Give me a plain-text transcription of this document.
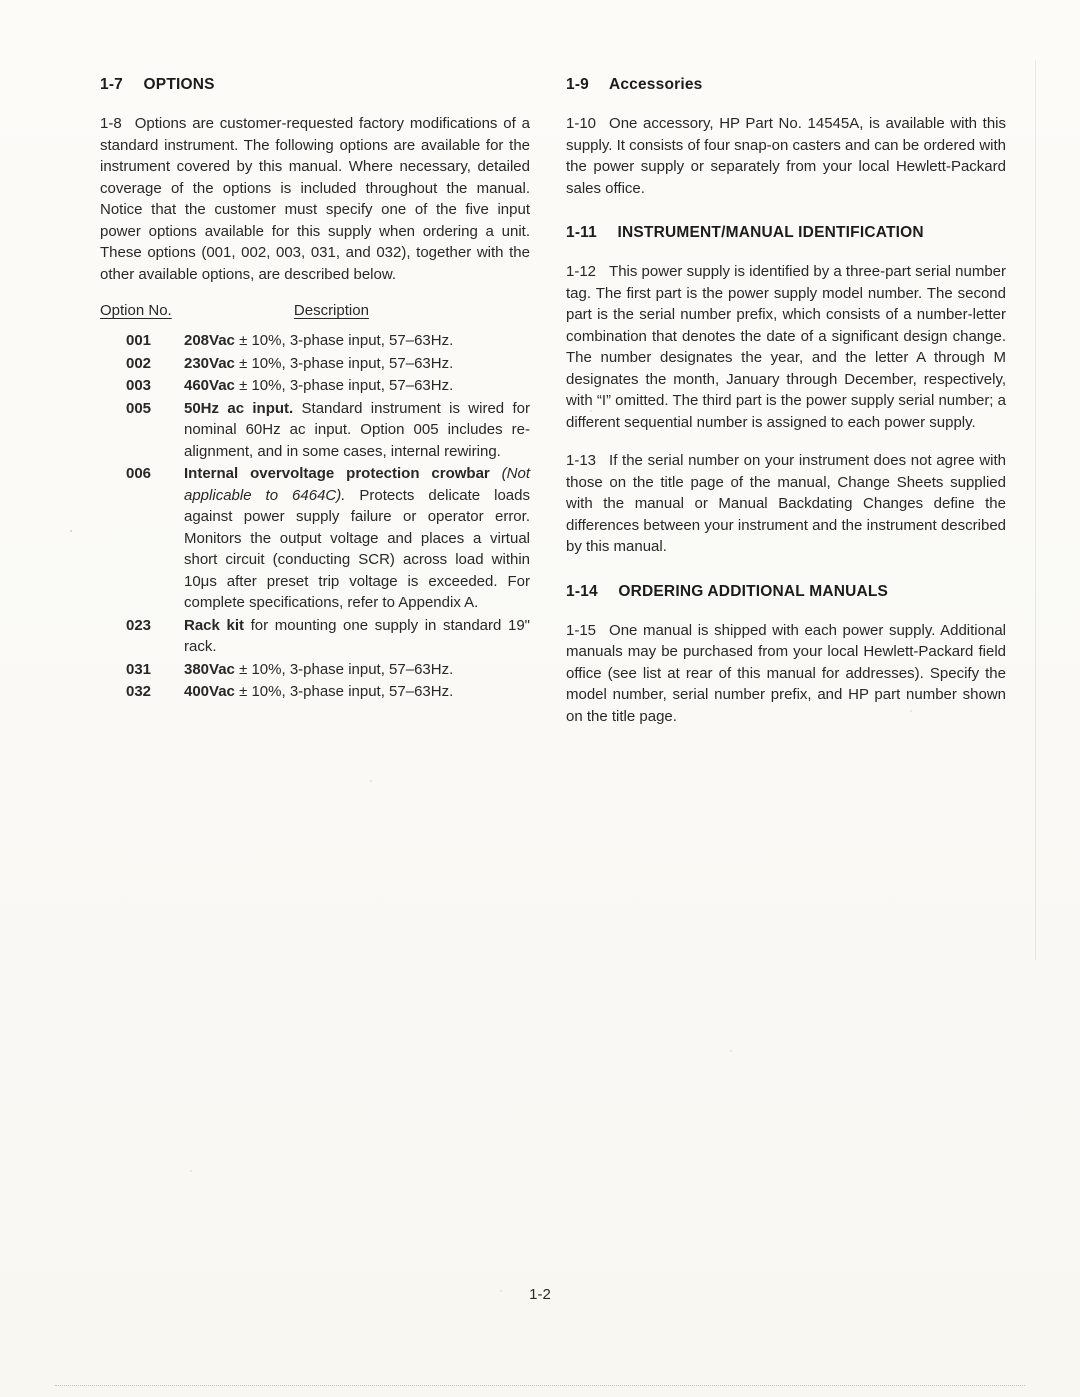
1-7 OPTIONS

1-8 Options are customer-requested factory modifications of a standard instrument. The following options are available for the instrument covered by this manual. Where necessary, detailed coverage of the options is included throughout the manual. Notice that the customer must specify one of the five input power options available for this supply when ordering a unit. These options (001, 002, 003, 031, and 032), together with the other available options, are described below.

Option No.	Description
001	208Vac ± 10%, 3-phase input, 57–63Hz.
002	230Vac ± 10%, 3-phase input, 57–63Hz.
003	460Vac ± 10%, 3-phase input, 57–63Hz.
005	50Hz ac input. Standard instrument is wired for nominal 60Hz ac input. Option 005 includes re-alignment, and in some cases, internal rewiring.
006	Internal overvoltage protection crowbar (Not applicable to 6464C). Protects delicate loads against power supply failure or operator error. Monitors the output voltage and places a virtual short circuit (conducting SCR) across load within 10μs after preset trip voltage is exceeded. For complete specifications, refer to Appendix A.
023	Rack kit for mounting one supply in standard 19" rack.
031	380Vac ± 10%, 3-phase input, 57–63Hz.
032	400Vac ± 10%, 3-phase input, 57–63Hz.
1-9 Accessories

1-10 One accessory, HP Part No. 14545A, is available with this supply. It consists of four snap-on casters and can be ordered with the power supply or separately from your local Hewlett-Packard sales office.

1-11 INSTRUMENT/MANUAL IDENTIFICATION

1-12 This power supply is identified by a three-part serial number tag. The first part is the power supply model number. The second part is the serial number prefix, which consists of a number-letter combination that denotes the date of a significant design change. The number designates the year, and the letter A through M designates the month, January through December, respectively, with “I” omitted. The third part is the power supply serial number; a different sequential number is assigned to each power supply.

1-13 If the serial number on your instrument does not agree with those on the title page of the manual, Change Sheets supplied with the manual or Manual Backdating Changes define the differences between your instrument and the instrument described by this manual.

1-14 ORDERING ADDITIONAL MANUALS

1-15 One manual is shipped with each power supply. Additional manuals may be purchased from your local Hewlett-Packard field office (see list at rear of this manual for addresses). Specify the model number, serial number prefix, and HP part number shown on the title page.

1-2
